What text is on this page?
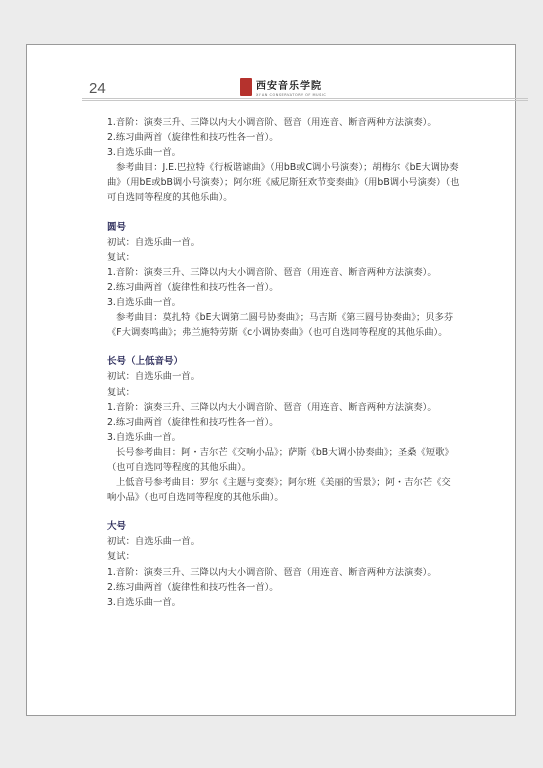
24	西安音乐学院
XI'AN CONSERVATORY OF MUSIC

1.音阶：演奏三升、三降以内大小调音阶、琶音（用连音、断音两种方法演奏）。

2.练习曲两首（旋律性和技巧性各一首）。

3.自选乐曲一首。

参考曲目：J.E.巴拉特《行板谐谑曲》（用bB或C调小号演奏）；胡梅尔《bE大调协奏

曲》（用bE或bB调小号演奏）；阿尔班《威尼斯狂欢节变奏曲》（用bB调小号演奏）（也

可自选同等程度的其他乐曲）。

圆号

初试：自选乐曲一首。

复试：

1.音阶：演奏三升、三降以内大小调音阶、琶音（用连音、断音两种方法演奏）。

2.练习曲两首（旋律性和技巧性各一首）。

3.自选乐曲一首。

参考曲目：莫扎特《bE大调第二圆号协奏曲》；马吉斯《第三圆号协奏曲》；贝多芬

《F大调奏鸣曲》；弗兰施特劳斯《c小调协奏曲》（也可自选同等程度的其他乐曲）。

长号（上低音号）

初试：自选乐曲一首。

复试：

1.音阶：演奏三升、三降以内大小调音阶、琶音（用连音、断音两种方法演奏）。

2.练习曲两首（旋律性和技巧性各一首）。

3.自选乐曲一首。

长号参考曲目：阿・吉尔芒《交响小品》；萨斯《bB大调小协奏曲》；圣桑《短歌》

（也可自选同等程度的其他乐曲）。

上低音号参考曲目：罗尔《主题与变奏》；阿尔班《美丽的雪景》；阿・吉尔芒《交

响小品》（也可自选同等程度的其他乐曲）。

大号

初试：自选乐曲一首。

复试：

1.音阶：演奏三升、三降以内大小调音阶、琶音（用连音、断音两种方法演奏）。

2.练习曲两首（旋律性和技巧性各一首）。

3.自选乐曲一首。
